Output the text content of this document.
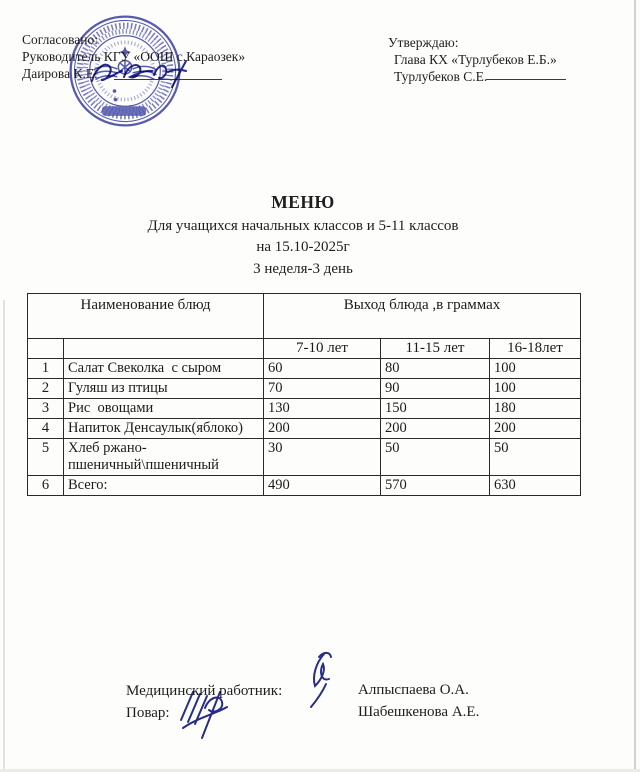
Согласовано:
Руководитель КГУ «ООШ с.Караозек»
Даирова К.Е.
Утверждаю:
Глава КХ «Турлубеков Е.Б.»
Турлубеков С.Е.
МЕНЮ
Для учащихся начальных классов и 5-11 классов
на 15.10-2025г
3 неделя-3 день
Наименование блюд		Выход блюда ,в граммах		
		7-10 лет	11-15 лет	16-18лет
1	Салат Свеколка  с сыром	60	80	100
2	Гуляш из птицы	70	90	100
3	Рис  овощами	130	150	180
4	Напиток Денсаулык(яблоко)	200	200	200
5	Хлеб ржано-пшеничный\пшеничный	30	50	50
6	Всего:	490	570	630
Медицинский работник:
Повар:
Алпыспаева О.А.
Шабешкенова А.Е.
